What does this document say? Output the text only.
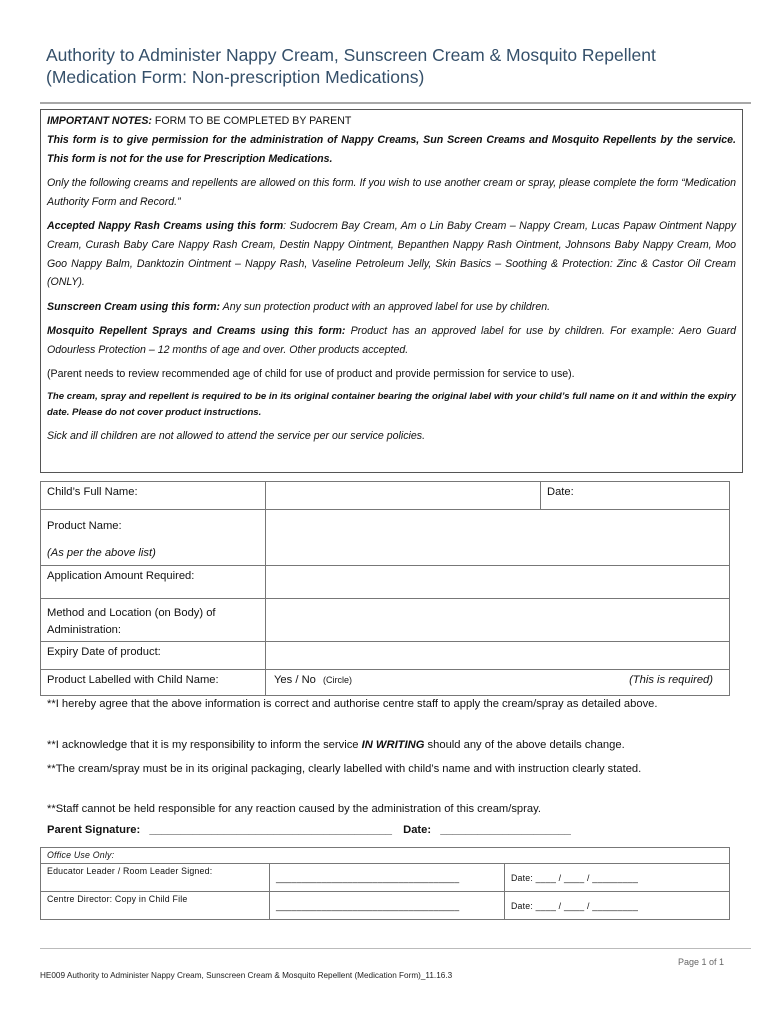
Authority to Administer Nappy Cream, Sunscreen Cream & Mosquito Repellent
(Medication Form: Non-prescription Medications)

IMPORTANT NOTES: FORM TO BE COMPLETED BY PARENT

This form is to give permission for the administration of Nappy Creams, Sun Screen Creams and Mosquito Repellents by the service. This form is not for the use for Prescription Medications.

Only the following creams and repellents are allowed on this form. If you wish to use another cream or spray, please complete the form “Medication Authority Form and Record.”

Accepted Nappy Rash Creams using this form: Sudocrem Bay Cream, Am o Lin Baby Cream – Nappy Cream, Lucas Papaw Ointment Nappy Cream, Curash Baby Care Nappy Rash Cream, Destin Nappy Ointment, Bepanthen Nappy Rash Ointment, Johnsons Baby Nappy Cream, Moo Goo Nappy Balm, Danktozin Ointment – Nappy Rash, Vaseline Petroleum Jelly, Skin Basics – Soothing & Protection: Zinc & Castor Oil Cream (ONLY).

Sunscreen Cream using this form: Any sun protection product with an approved label for use by children.

Mosquito Repellent Sprays and Creams using this form: Product has an approved label for use by children. For example: Aero Guard Odourless Protection – 12 months of age and over. Other products accepted.

(Parent needs to review recommended age of child for use of product and provide permission for service to use).

The cream, spray and repellent is required to be in its original container bearing the original label with your child’s full name on it and within the expiry date. Please do not cover product instructions.

Sick and ill children are not allowed to attend the service per our service policies.

Child’s Full Name:		Date:

Product Name:
(As per the above list)		

Application Amount Required:		
Method and Location (on Body) of Administration:		
Expiry Date of product:		
Product Labelled with Child Name:	Yes / No (Circle) (This is required)	
**I hereby agree that the above information is correct and authorise centre staff to apply the cream/spray as detailed above.
**I acknowledge that it is my responsibility to inform the service IN WRITING should any of the above details change.
**The cream/spray must be in its original packaging, clearly labelled with child’s name and with instruction clearly stated.
**Staff cannot be held responsible for any reaction caused by the administration of this cream/spray.
Parent Signature: _______________________________________ Date: _____________________
Office Use Only:		
Educator Leader / Room Leader Signed:	____________________________________	Date: ____ / ____ / _________
Centre Director: Copy in Child File	____________________________________	Date: ____ / ____ / _________
Page 1 of 1
HE009 Authority to Administer Nappy Cream, Sunscreen Cream & Mosquito Repellent (Medication Form)_11.16.3
